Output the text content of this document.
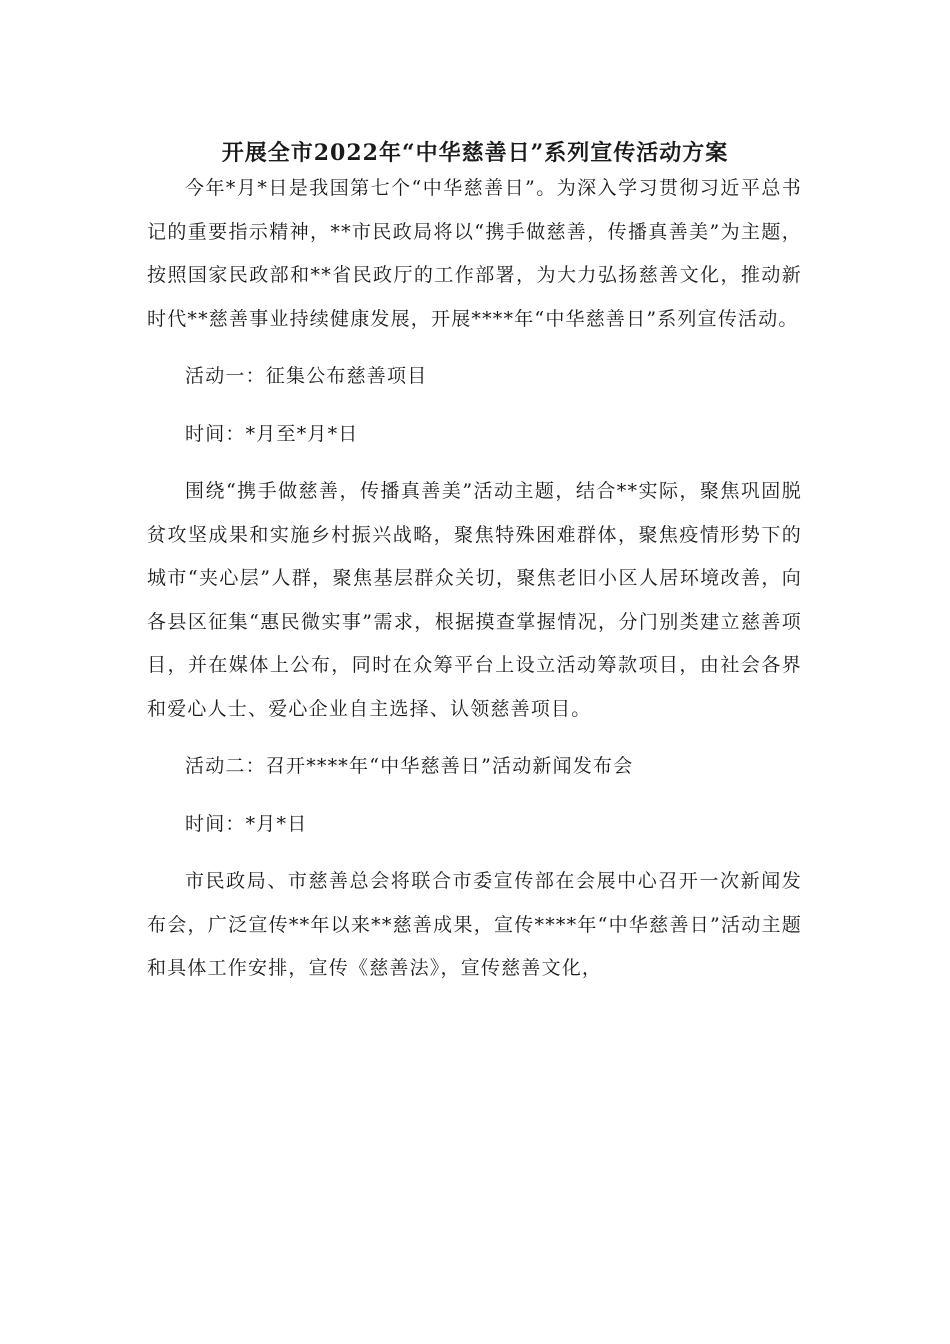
开展全市2022年“中华慈善日”系列宣传活动方案

今年*月*日是我国第七个“中华慈善日”。为深入学习贯彻习近平总书记的重要指示精神，**市民政局将以“携手做慈善，传播真善美”为主题，按照国家民政部和**省民政厅的工作部署，为大力弘扬慈善文化，推动新时代**慈善事业持续健康发展，开展****年“中华慈善日”系列宣传活动。

活动一：征集公布慈善项目

时间：*月至*月*日

围绕“携手做慈善，传播真善美”活动主题，结合**实际，聚焦巩固脱贫攻坚成果和实施乡村振兴战略，聚焦特殊困难群体，聚焦疫情形势下的城市“夹心层”人群，聚焦基层群众关切，聚焦老旧小区人居环境改善，向各县区征集“惠民微实事”需求，根据摸查掌握情况，分门别类建立慈善项目，并在媒体上公布，同时在众筹平台上设立活动筹款项目，由社会各界和爱心人士、爱心企业自主选择、认领慈善项目。

活动二：召开****年“中华慈善日”活动新闻发布会

时间：*月*日

市民政局、市慈善总会将联合市委宣传部在会展中心召开一次新闻发布会，广泛宣传**年以来**慈善成果，宣传****年“中华慈善日”活动主题和具体工作安排，宣传《慈善法》，宣传慈善文化，
